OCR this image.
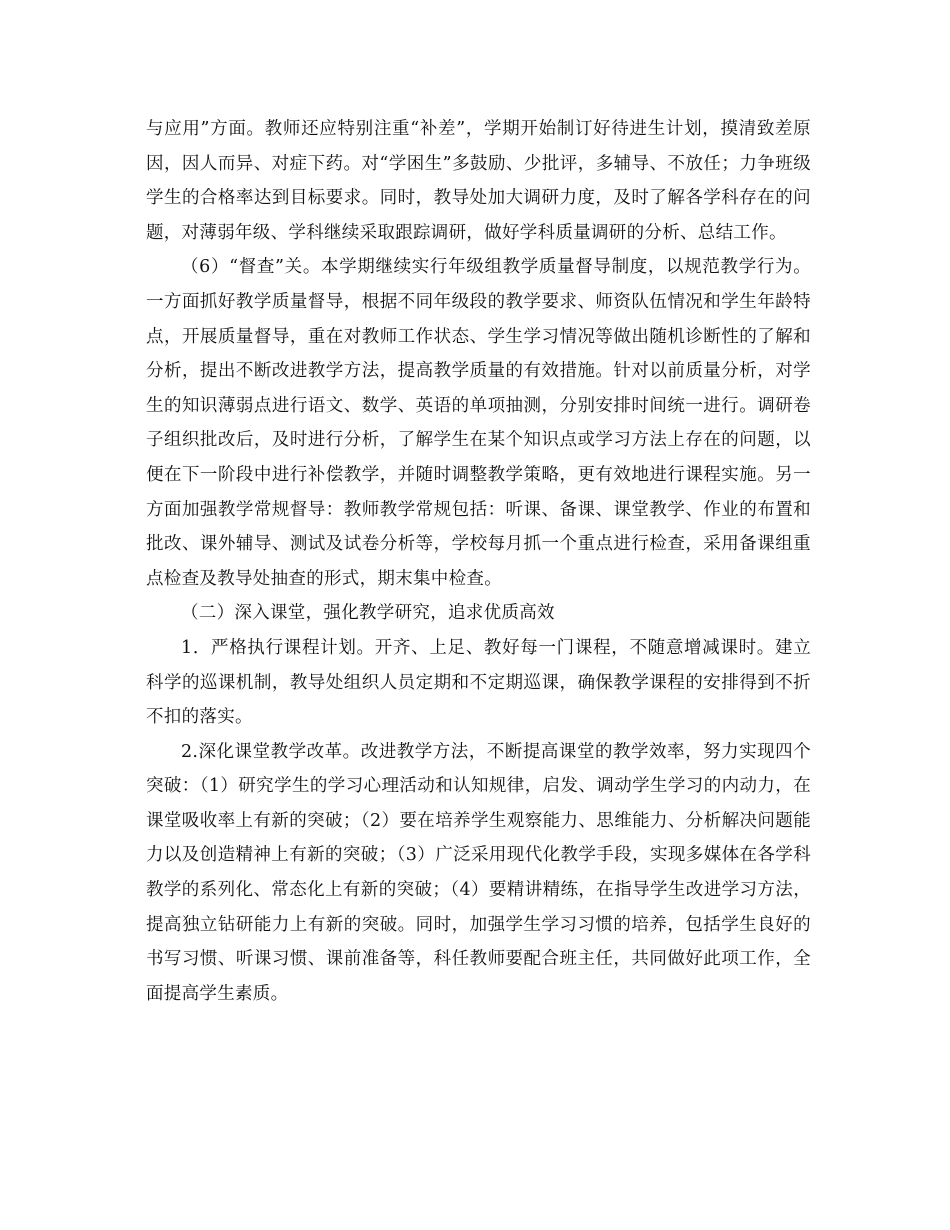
与应用”方面。教师还应特别注重“补差”，学期开始制订好待进生计划，摸清致差原因，因人而异、对症下药。对“学困生”多鼓励、少批评，多辅导、不放任；力争班级学生的合格率达到目标要求。同时，教导处加大调研力度，及时了解各学科存在的问题，对薄弱年级、学科继续采取跟踪调研，做好学科质量调研的分析、总结工作。

（6）“督查”关。本学期继续实行年级组教学质量督导制度，以规范教学行为。一方面抓好教学质量督导，根据不同年级段的教学要求、师资队伍情况和学生年龄特点，开展质量督导，重在对教师工作状态、学生学习情况等做出随机诊断性的了解和分析，提出不断改进教学方法，提高教学质量的有效措施。针对以前质量分析，对学生的知识薄弱点进行语文、数学、英语的单项抽测，分别安排时间统一进行。调研卷子组织批改后，及时进行分析，了解学生在某个知识点或学习方法上存在的问题，以便在下一阶段中进行补偿教学，并随时调整教学策略，更有效地进行课程实施。另一方面加强教学常规督导：教师教学常规包括：听课、备课、课堂教学、作业的布置和批改、课外辅导、测试及试卷分析等，学校每月抓一个重点进行检查，采用备课组重点检查及教导处抽查的形式，期末集中检查。

（二）深入课堂，强化教学研究，追求优质高效

1．严格执行课程计划。开齐、上足、教好每一门课程，不随意增减课时。建立科学的巡课机制，教导处组织人员定期和不定期巡课，确保教学课程的安排得到不折不扣的落实。

2.深化课堂教学改革。改进教学方法，不断提高课堂的教学效率，努力实现四个突破：（1）研究学生的学习心理活动和认知规律，启发、调动学生学习的内动力，在课堂吸收率上有新的突破；（2）要在培养学生观察能力、思维能力、分析解决问题能力以及创造精神上有新的突破；（3）广泛采用现代化教学手段，实现多媒体在各学科教学的系列化、常态化上有新的突破；（4）要精讲精练，在指导学生改进学习方法，提高独立钻研能力上有新的突破。同时，加强学生学习习惯的培养，包括学生良好的书写习惯、听课习惯、课前准备等，科任教师要配合班主任，共同做好此项工作，全面提高学生素质。
